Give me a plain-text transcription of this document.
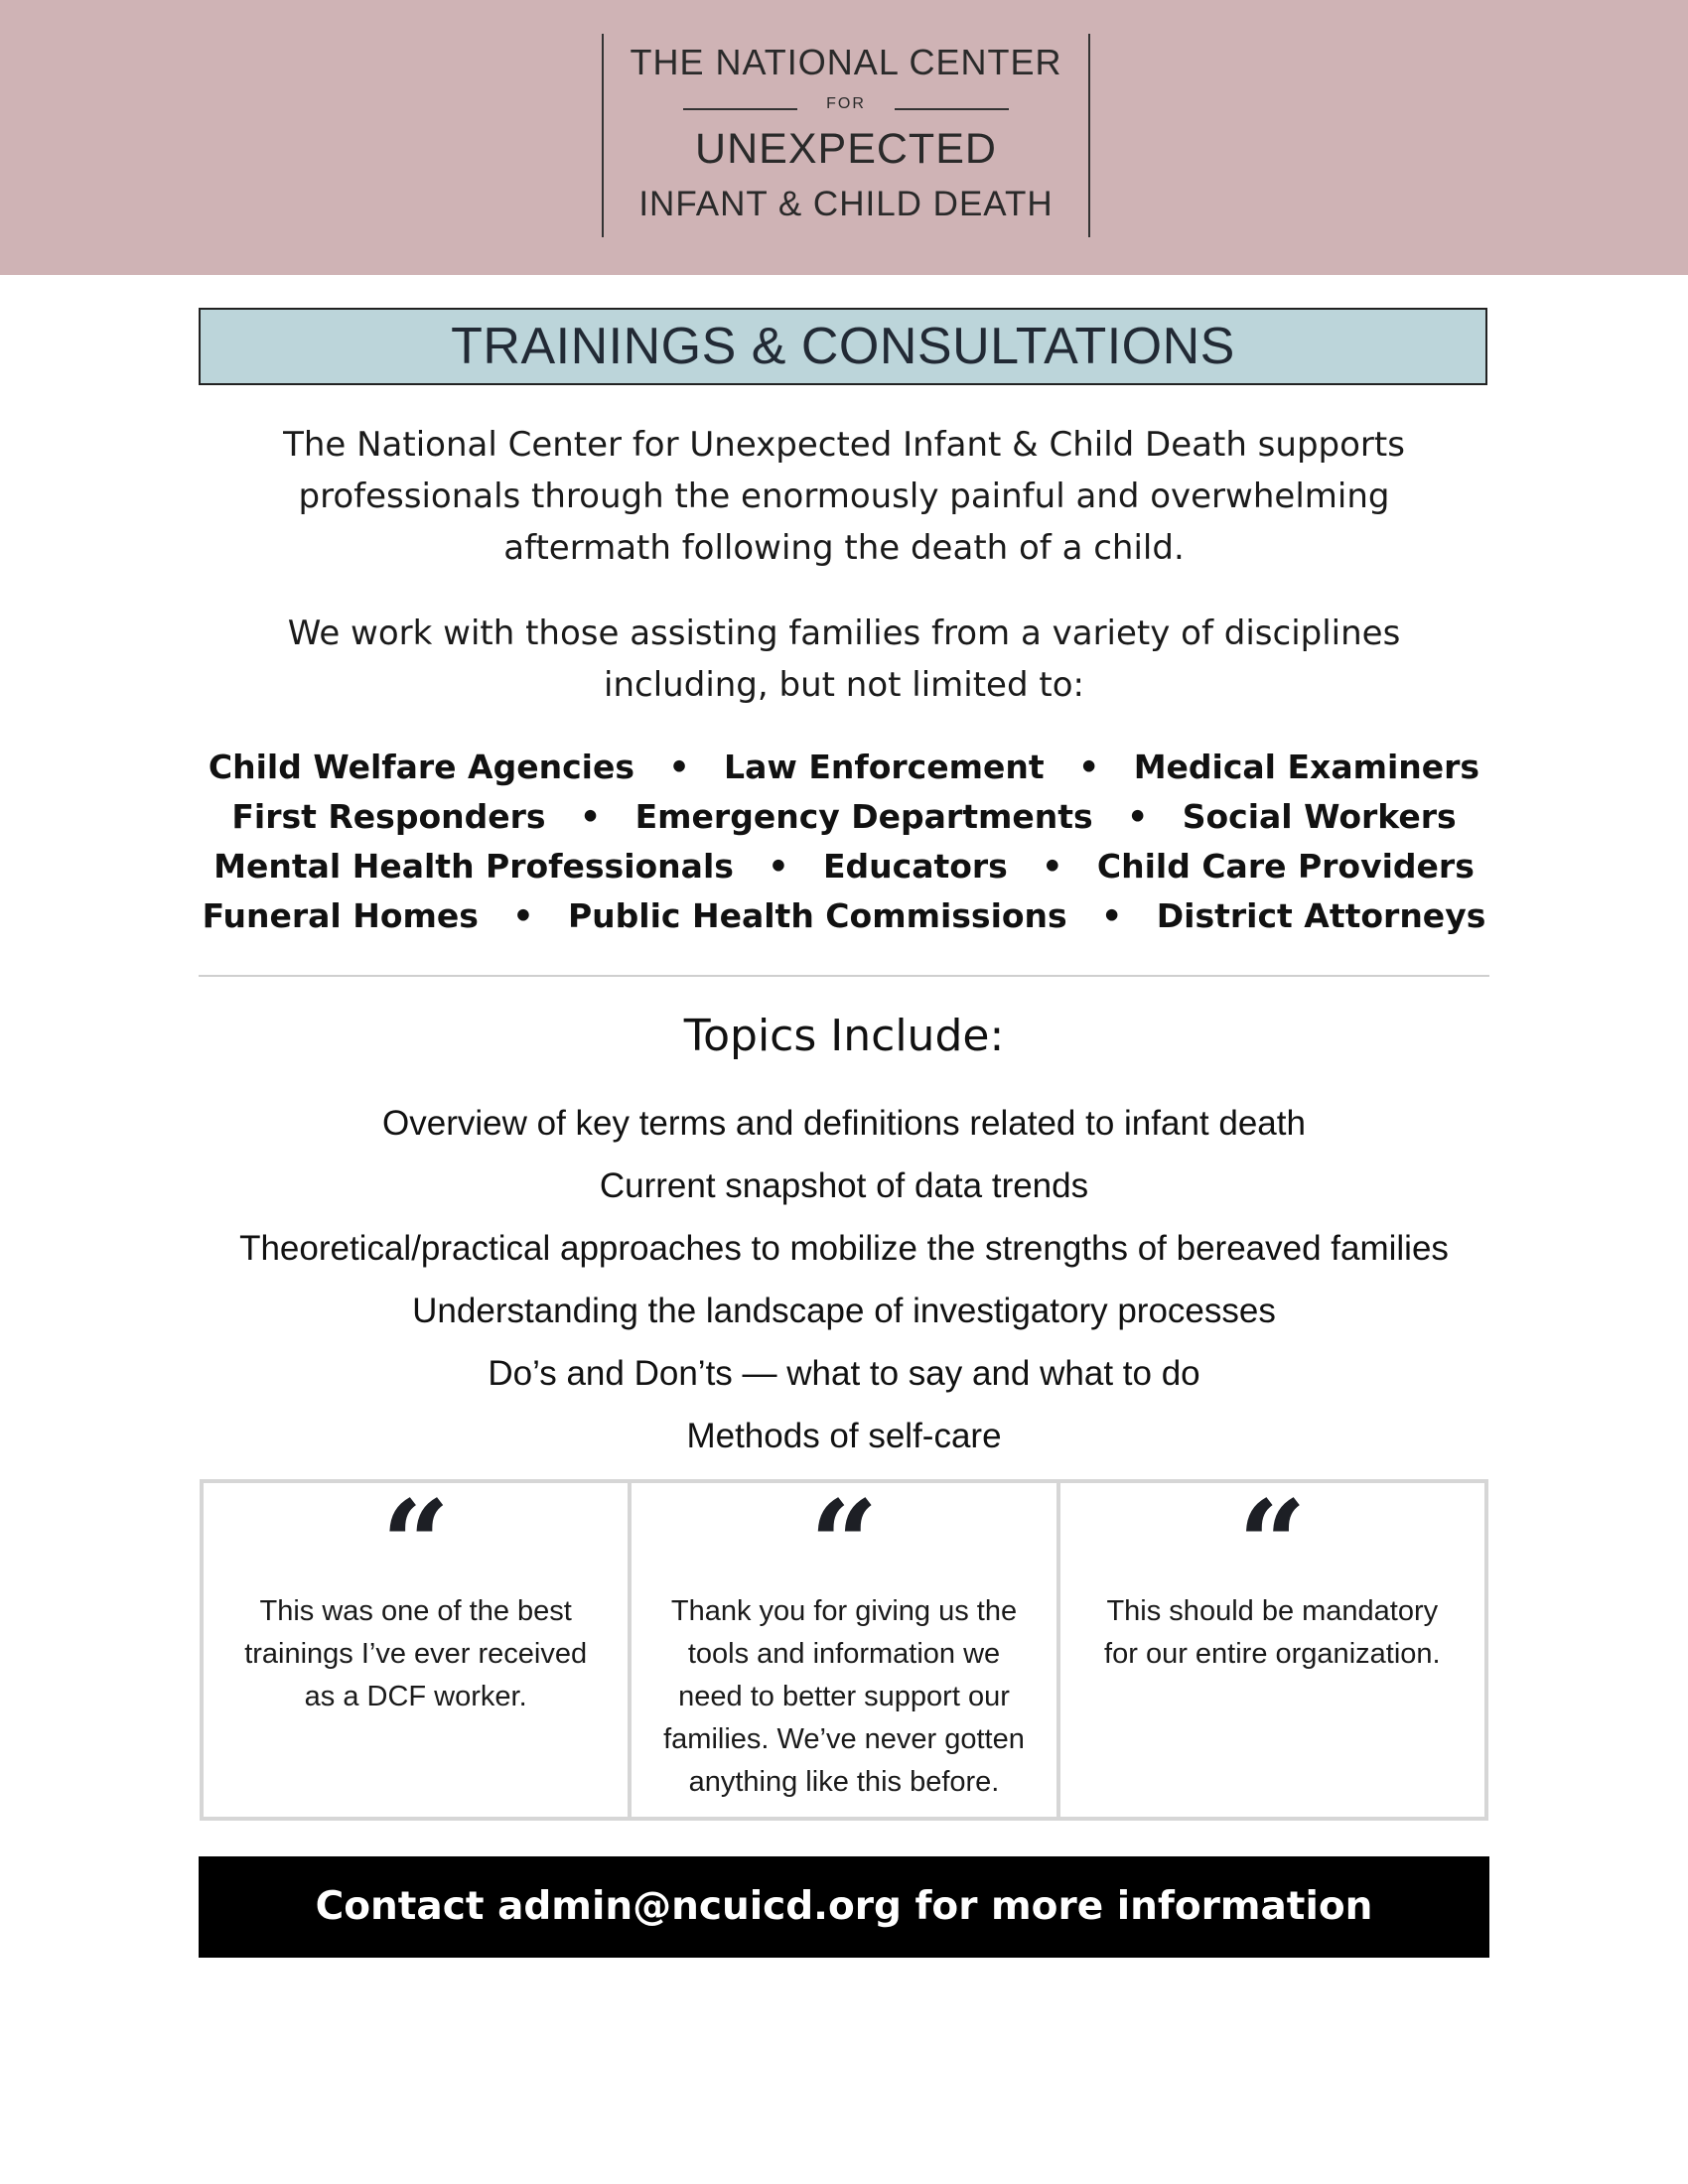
THE NATIONAL CENTER
FOR
UNEXPECTED
INFANT & CHILD DEATH
TRAININGS & CONSULTATIONS
The National Center for Unexpected Infant & Child Death supports professionals through the enormously painful and overwhelming aftermath following the death of a child.
We work with those assisting families from a variety of disciplines including, but not limited to:
Child Welfare Agencies   •   Law Enforcement   •   Medical Examiners First Responders   •   Emergency Departments   •   Social Workers Mental Health Professionals   •   Educators   •   Child Care Providers Funeral Homes   •   Public Health Commissions   •   District Attorneys
Topics Include:
Overview of key terms and definitions related to infant death
Current snapshot of data trends
Theoretical/practical approaches to mobilize the strengths of bereaved families
Understanding the landscape of investigatory processes
Do’s and Don’ts — what to say and what to do
Methods of self-care
“
This was one of the best trainings I’ve ever received as a DCF worker.
“
Thank you for giving us the tools and information we need to better support our families. We’ve never gotten anything like this before.
“
This should be mandatory for our entire organization.
Contact admin@ncuicd.org for more information
